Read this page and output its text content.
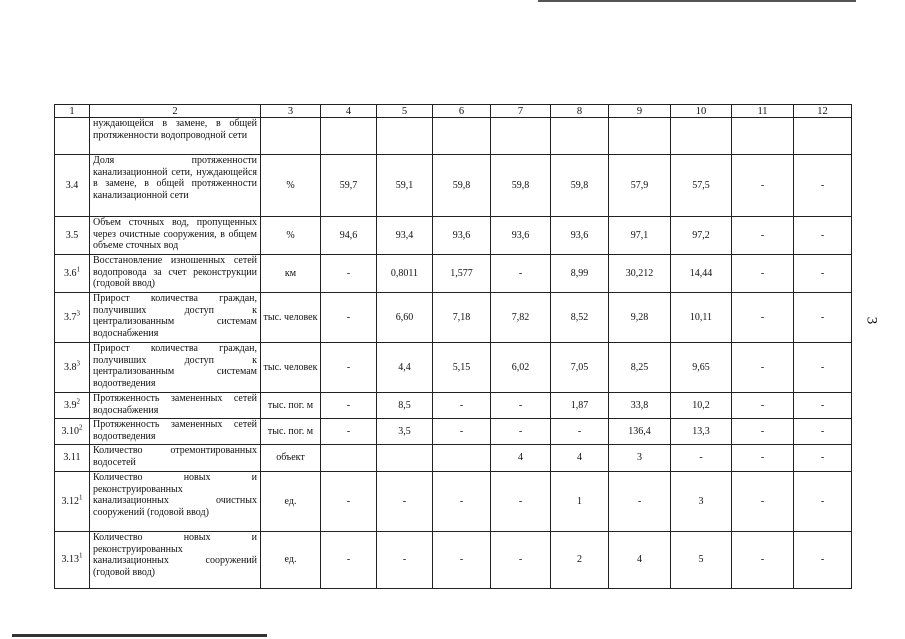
3
1	2	3	4	5	6	7	8	9	10	11	12
	нуждающейся в замене, в общей протяженности водопроводной сети										
3.4	Доля протяженности канализационной сети, нуждающейся в замене, в общей протяженности канализационной сети	%	59,7	59,1	59,8	59,8	59,8	57,9	57,5	-	-
3.5	Объем сточных вод, пропущенных через очистные сооружения, в общем объеме сточных вод	%	94,6	93,4	93,6	93,6	93,6	97,1	97,2	-	-
$3.6^1$	Восстановление изношенных сетей водопровода за счет реконструкции (годовой ввод)	км	-	0,8011	1,577	-	8,99	30,212	14,44	-	-
$3.7^3$	Прирост количества граждан, получивших доступ к централизованным системам водоснабжения	тыс. человек	-	6,60	7,18	7,82	8,52	9,28	10,11	-	-
$3.8^3$	Прирост количества граждан, получивших доступ к централизованным системам водоотведения	тыс. человек	-	4,4	5,15	6,02	7,05	8,25	9,65	-	-
$3.9^2$	Протяженность замененных сетей водоснабжения	тыс. пог. м	-	8,5	-	-	1,87	33,8	10,2	-	-
3.10$^2$	Протяженность замененных сетей водоотведения	тыс. пог. м	-	3,5	-	-	-	136,4	13,3	-	-
3.11	Количество отремонтированных водосетей	объект				4	4	3	-	-	-
3.12$^1$	Количество новых и реконструированных канализационных очистных сооружений (годовой ввод)	ед.	-	-	-	-	1	-	3	-	-
3.13$^1$	Количество новых и реконструированных канализационных сооружений (годовой ввод)	ед.	-	-	-	-	2	4	5	-	-
